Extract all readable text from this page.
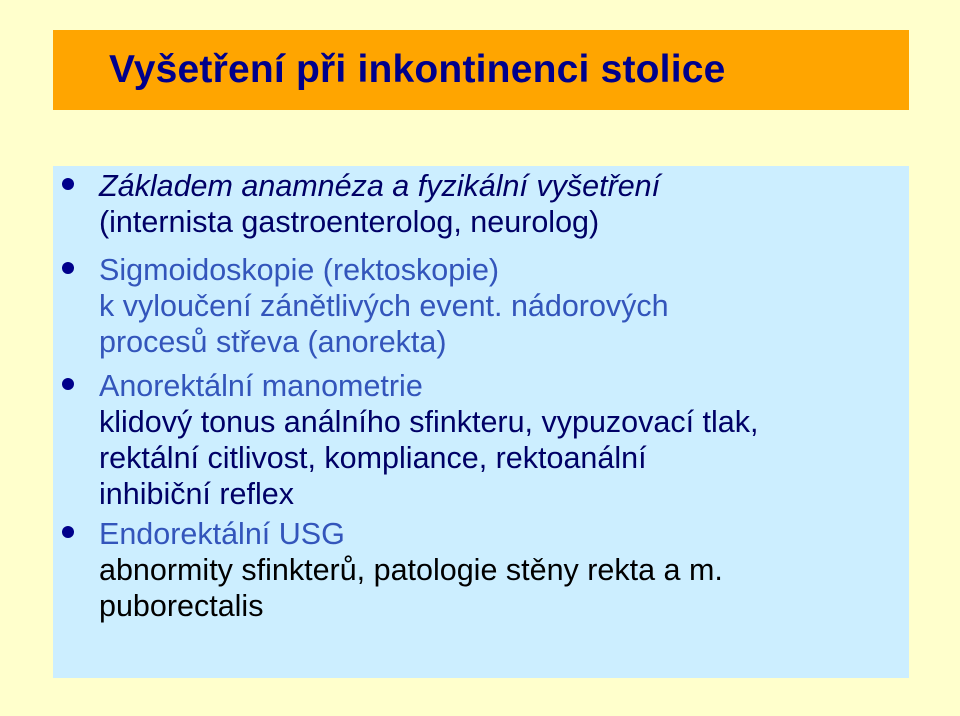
Vyšetření při inkontinenci stolice
Základem anamnéza a fyzikální vyšetření
(internista gastroenterolog, neurolog)
Sigmoidoskopie (rektoskopie)
k vyloučení zánětlivých event. nádorových
procesů střeva (anorekta)
Anorektální manometrie
klidový tonus análního sfinkteru, vypuzovací tlak,
rektální citlivost, kompliance, rektoanální
inhibiční reflex
Endorektální USG
abnormity sfinkterů, patologie stěny rekta a m.
puborectalis
